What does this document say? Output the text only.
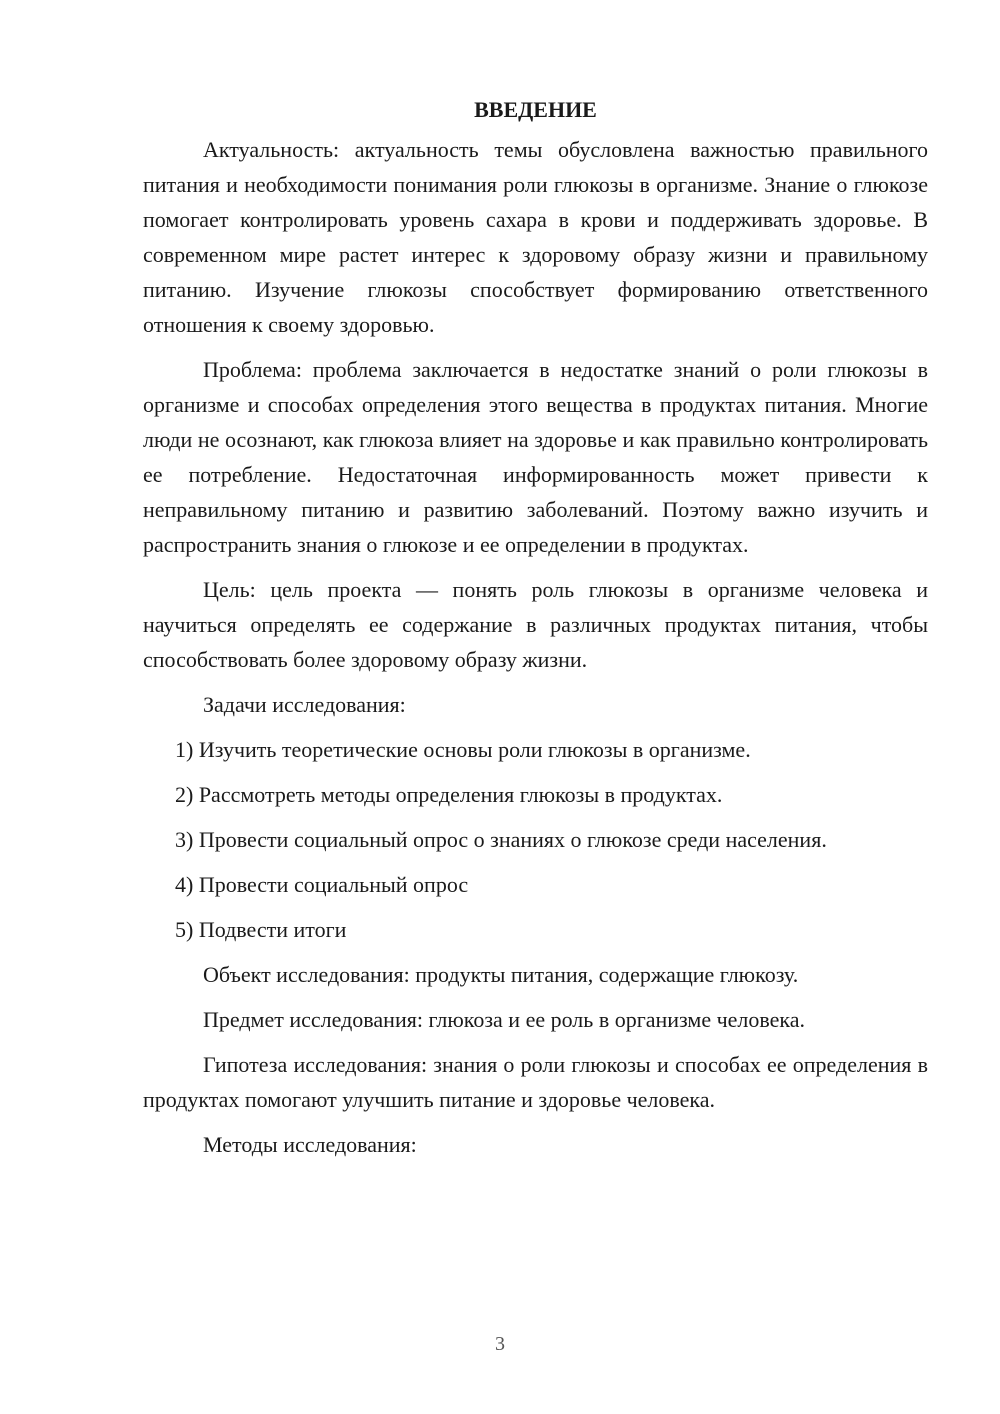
ВВЕДЕНИЕ

Актуальность: актуальность темы обусловлена важностью правильного питания и необходимости понимания роли глюкозы в организме. Знание о глюкозе помогает контролировать уровень сахара в крови и поддерживать здоровье. В современном мире растет интерес к здоровому образу жизни и правильному питанию. Изучение глюкозы способствует формированию ответственного отношения к своему здоровью.

Проблема: проблема заключается в недостатке знаний о роли глюкозы в организме и способах определения этого вещества в продуктах питания. Многие люди не осознают, как глюкоза влияет на здоровье и как правильно контролировать ее потребление. Недостаточная информированность может привести к неправильному питанию и развитию заболеваний. Поэтому важно изучить и распространить знания о глюкозе и ее определении в продуктах.

Цель: цель проекта — понять роль глюкозы в организме человека и научиться определять ее содержание в различных продуктах питания, чтобы способствовать более здоровому образу жизни.

Задачи исследования:

1) Изучить теоретические основы роли глюкозы в организме.
2) Рассмотреть методы определения глюкозы в продуктах.
3) Провести социальный опрос о знаниях о глюкозе среди населения.
4) Провести социальный опрос
5) Подвести итоги

Объект исследования: продукты питания, содержащие глюкозу.

Предмет исследования: глюкоза и ее роль в организме человека.

Гипотеза исследования: знания о роли глюкозы и способах ее определения в продуктах помогают улучшить питание и здоровье человека.

Методы исследования:

3
